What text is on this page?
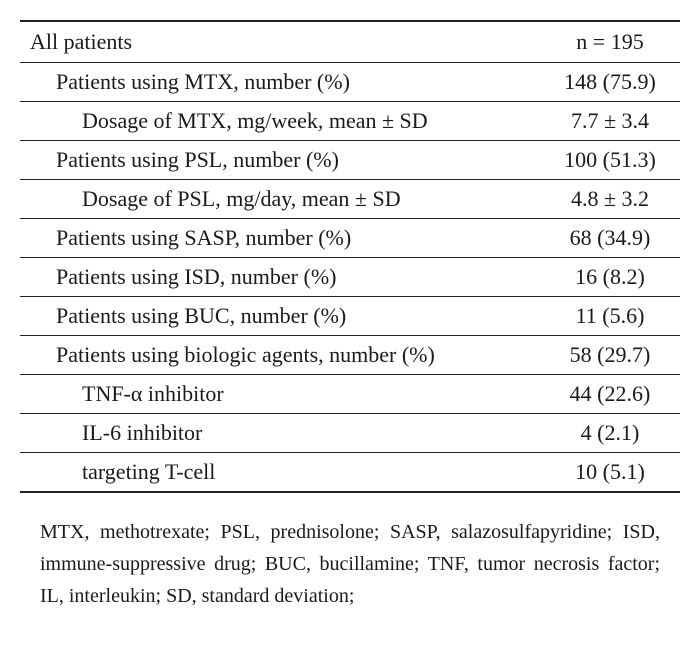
All patients	n = 195
Patients using MTX, number (%)	148 (75.9)
Dosage of MTX, mg/week, mean ± SD	7.7 ± 3.4
Patients using PSL, number (%)	100 (51.3)
Dosage of PSL, mg/day, mean ± SD	4.8 ± 3.2
Patients using SASP, number (%)	68 (34.9)
Patients using ISD, number (%)	16 (8.2)
Patients using BUC, number (%)	11 (5.6)
Patients using biologic agents, number (%)	58 (29.7)
TNF-α inhibitor	44 (22.6)
IL-6 inhibitor	4 (2.1)
targeting T-cell	10 (5.1)

MTX, methotrexate; PSL, prednisolone; SASP, salazosulfapyridine; ISD, immune-suppressive drug; BUC, bucillamine; TNF, tumor necrosis factor; IL, interleukin; SD, standard deviation;
